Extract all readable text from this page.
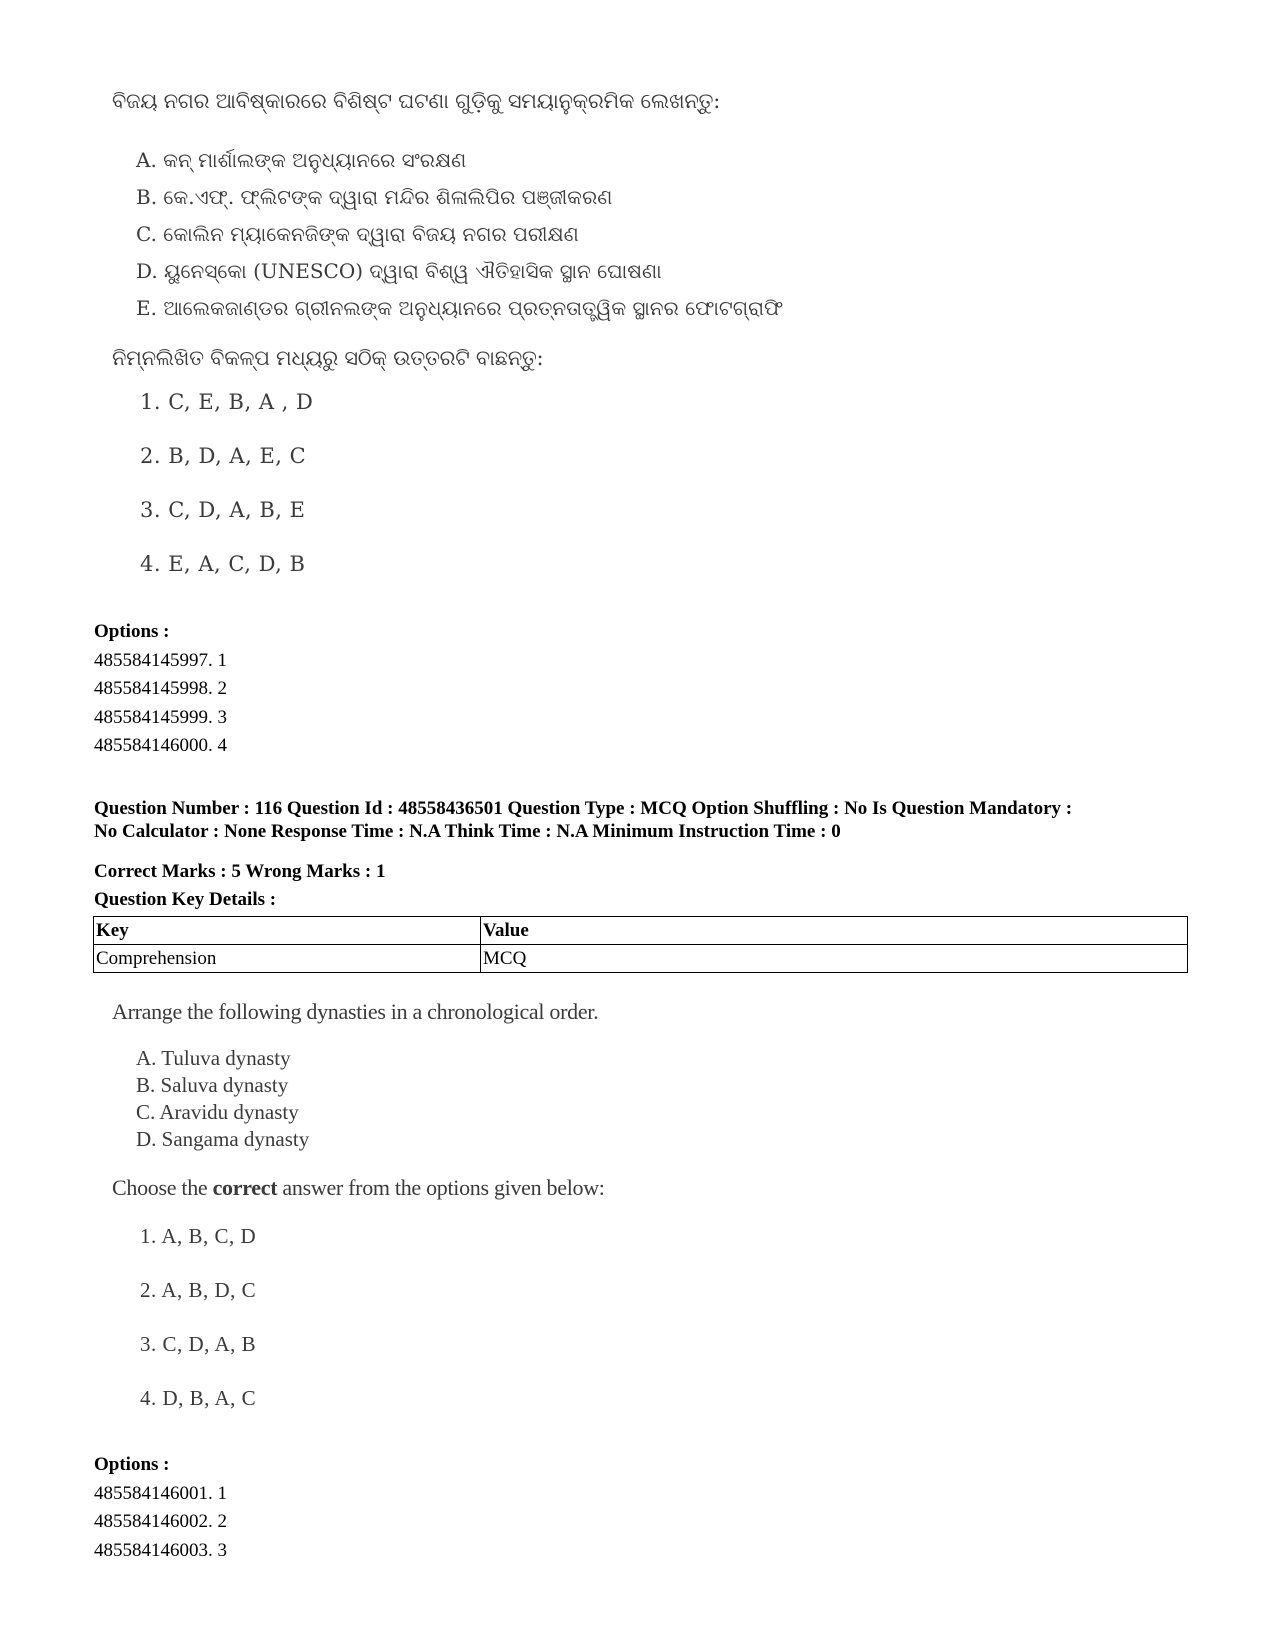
ବିଜୟ ନଗର ଆବିଷ୍କାରରେ ବିଶିଷ୍ଟ ଘଟଣା ଗୁଡ଼ିକୁ ସମୟାନୁକ୍ରମିକ ଲେଖନ୍ତୁ:
A. କନ୍ ମାର୍ଶାଲଙ୍କ ଅନୁଧ୍ୟାନରେ ସଂରକ୍ଷଣ
B. କେ.ଏଫ୍. ଫ୍ଲିଟଙ୍କ ଦ୍ୱାରା ମନ୍ଦିର ଶିଳାଲିପିର ପଞ୍ଜୀକରଣ
C. କୋଲିନ ମ୍ୟାକେନଜିଙ୍କ ଦ୍ୱାରା ବିଜୟ ନଗର ପରୀକ୍ଷଣ
D. ୟୁନେସ୍କୋ (UNESCO) ଦ୍ୱାରା ବିଶ୍ୱ ଐତିହାସିକ ସ୍ଥାନ ଘୋଷଣା
E. ଆଲେକଜାଣ୍ଡର ଗ୍ରୀନଲଙ୍କ ଅନୁଧ୍ୟାନରେ ପ୍ରତ୍ନତାତ୍ତ୍ୱିକ ସ୍ଥାନର ଫୋଟଗ୍ରାଫି
ନିମ୍ନଲିଖିତ ବିକଳ୍ପ ମଧ୍ୟରୁ ସଠିକ୍ ଉତ୍ତରଟି ବାଛନ୍ତୁ:
1. C, E, B, A , D
2. B, D, A, E, C
3. C, D, A, B, E
4. E, A, C, D, B
Options :
485584145997. 1
485584145998. 2
485584145999. 3
485584146000. 4
Question Number : 116 Question Id : 48558436501 Question Type : MCQ Option Shuffling : No Is Question Mandatory :
No Calculator : None Response Time : N.A Think Time : N.A Minimum Instruction Time : 0
Correct Marks : 5 Wrong Marks : 1
Question Key Details :
Key	Value
Comprehension	MCQ
Arrange the following dynasties in a chronological order.
A. Tuluva dynasty
B. Saluva dynasty
C. Aravidu dynasty
D. Sangama dynasty
Choose the correct answer from the options given below:
1. A, B, C, D
2. A, B, D, C
3. C, D, A, B
4. D, B, A, C
Options :
485584146001. 1
485584146002. 2
485584146003. 3
